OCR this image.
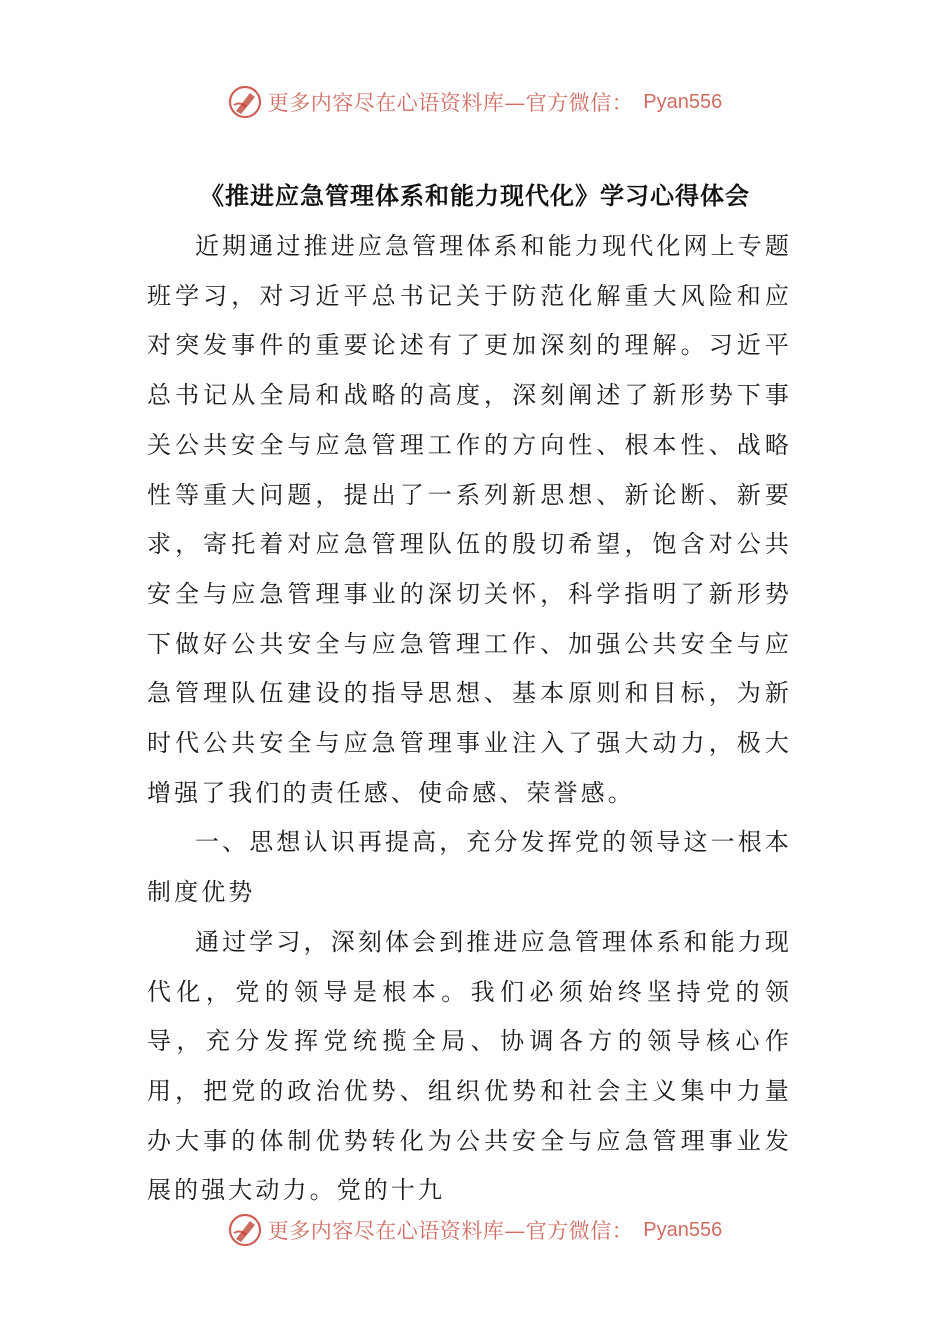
更多内容尽在心语资料库—官方微信： Pyan556
《推进应急管理体系和能力现代化》学习心得体会

近期通过推进应急管理体系和能力现代化网上专题班学习，对习近平总书记关于防范化解重大风险和应对突发事件的重要论述有了更加深刻的理解。习近平总书记从全局和战略的高度，深刻阐述了新形势下事关公共安全与应急管理工作的方向性、根本性、战略性等重大问题，提出了一系列新思想、新论断、新要求，寄托着对应急管理队伍的殷切希望，饱含对公共安全与应急管理事业的深切关怀，科学指明了新形势下做好公共安全与应急管理工作、加强公共安全与应急管理队伍建设的指导思想、基本原则和目标，为新时代公共安全与应急管理事业注入了强大动力，极大增强了我们的责任感、使命感、荣誉感。

一、思想认识再提高，充分发挥党的领导这一根本制度优势

通过学习，深刻体会到推进应急管理体系和能力现代化，党的领导是根本。我们必须始终坚持党的领导，充分发挥党统揽全局、协调各方的领导核心作用，把党的政治优势、组织优势和社会主义集中力量办大事的体制优势转化为公共安全与应急管理事业发展的强大动力。党的十九

更多内容尽在心语资料库—官方微信： Pyan556
